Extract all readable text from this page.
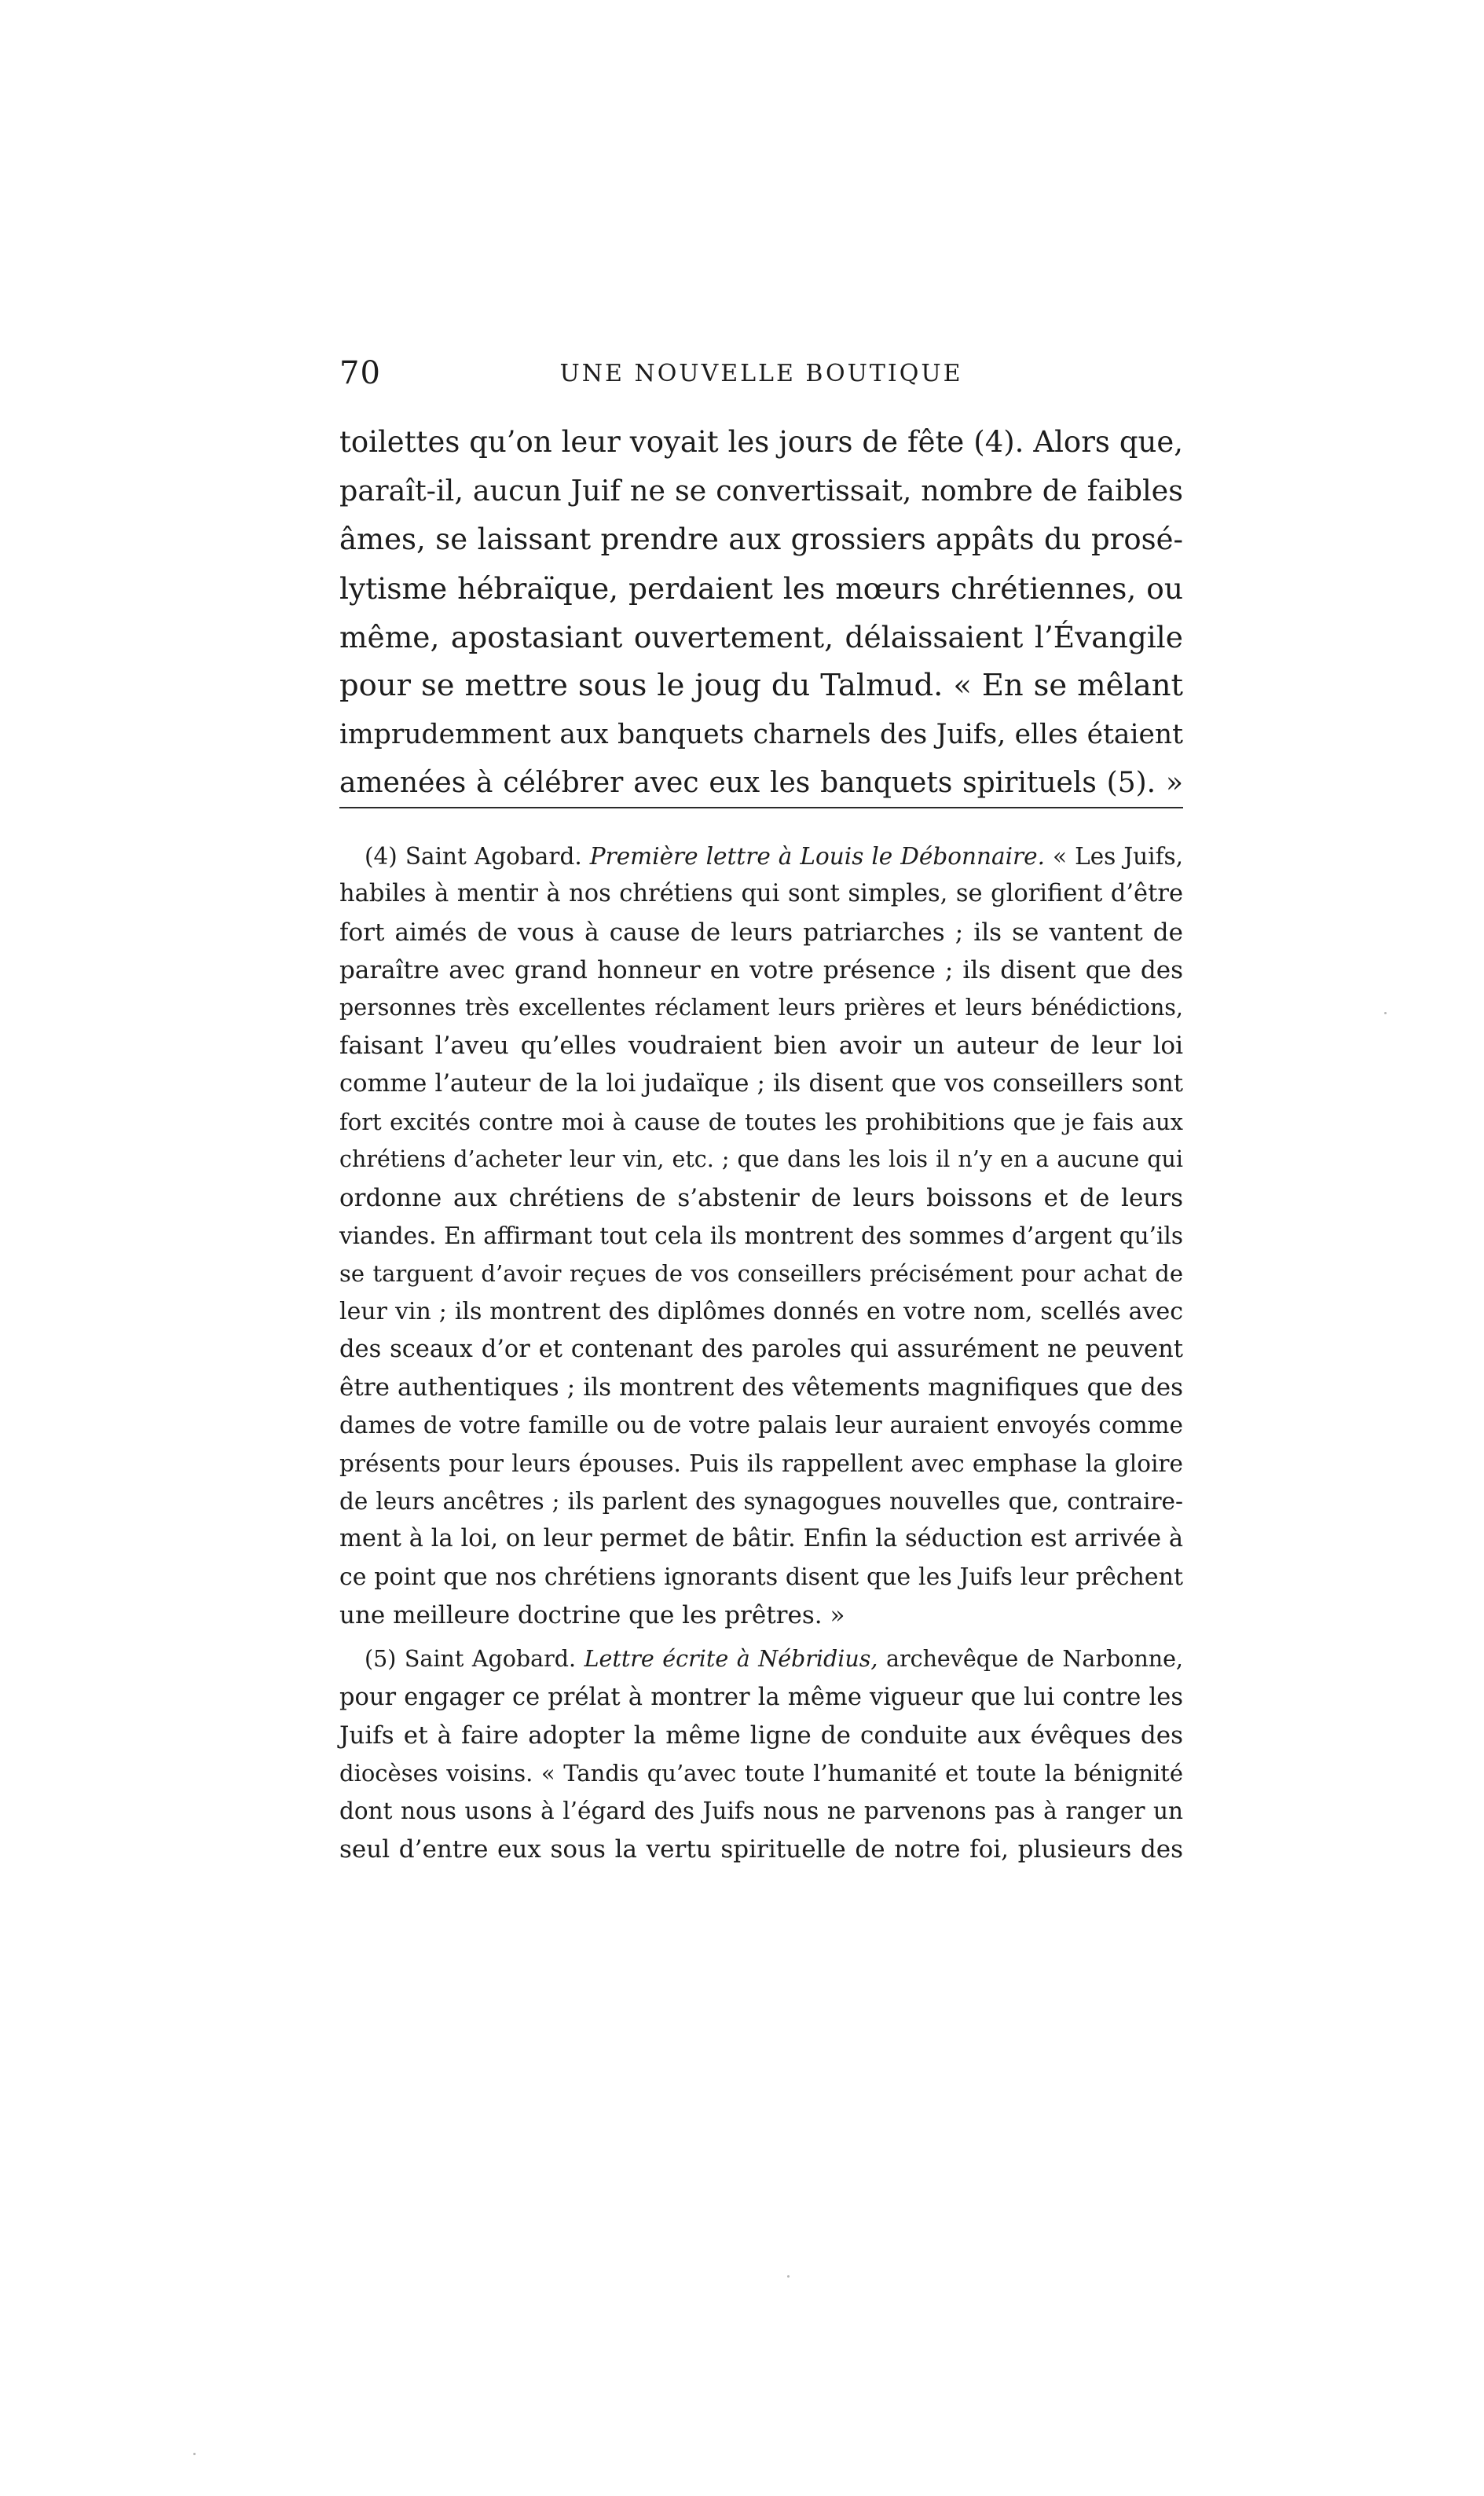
70	UNE NOUVELLE BOUTIQUE
toilettes qu’on leur voyait les jours de fête (4). Alors que,
paraît-il, aucun Juif ne se convertissait, nombre de faibles
âmes, se laissant prendre aux grossiers appâts du prosé-
lytisme hébraïque, perdaient les mœurs chrétiennes, ou
même, apostasiant ouvertement, délaissaient l’Évangile
pour se mettre sous le joug du Talmud. « En se mêlant
imprudemment aux banquets charnels des Juifs, elles étaient
amenées à célébrer avec eux les banquets spirituels (5). »
(4) Saint Agobard. Première lettre à Louis le Débonnaire. « Les Juifs,
habiles à mentir à nos chrétiens qui sont simples, se glorifient d’être
fort aimés de vous à cause de leurs patriarches ; ils se vantent de
paraître avec grand honneur en votre présence ; ils disent que des
personnes très excellentes réclament leurs prières et leurs bénédictions,
faisant l’aveu qu’elles voudraient bien avoir un auteur de leur loi
comme l’auteur de la loi judaïque ; ils disent que vos conseillers sont
fort excités contre moi à cause de toutes les prohibitions que je fais aux
chrétiens d’acheter leur vin, etc. ; que dans les lois il n’y en a aucune qui
ordonne aux chrétiens de s’abstenir de leurs boissons et de leurs
viandes. En affirmant tout cela ils montrent des sommes d’argent qu’ils
se targuent d’avoir reçues de vos conseillers précisément pour achat de
leur vin ; ils montrent des diplômes donnés en votre nom, scellés avec
des sceaux d’or et contenant des paroles qui assurément ne peuvent
être authentiques ; ils montrent des vêtements magnifiques que des
dames de votre famille ou de votre palais leur auraient envoyés comme
présents pour leurs épouses. Puis ils rappellent avec emphase la gloire
de leurs ancêtres ; ils parlent des synagogues nouvelles que, contraire-
ment à la loi, on leur permet de bâtir. Enfin la séduction est arrivée à
ce point que nos chrétiens ignorants disent que les Juifs leur prêchent
une meilleure doctrine que les prêtres. »
(5) Saint Agobard. Lettre écrite à Nébridius, archevêque de Narbonne,
pour engager ce prélat à montrer la même vigueur que lui contre les
Juifs et à faire adopter la même ligne de conduite aux évêques des
diocèses voisins. « Tandis qu’avec toute l’humanité et toute la bénignité
dont nous usons à l’égard des Juifs nous ne parvenons pas à ranger un
seul d’entre eux sous la vertu spirituelle de notre foi, plusieurs des
